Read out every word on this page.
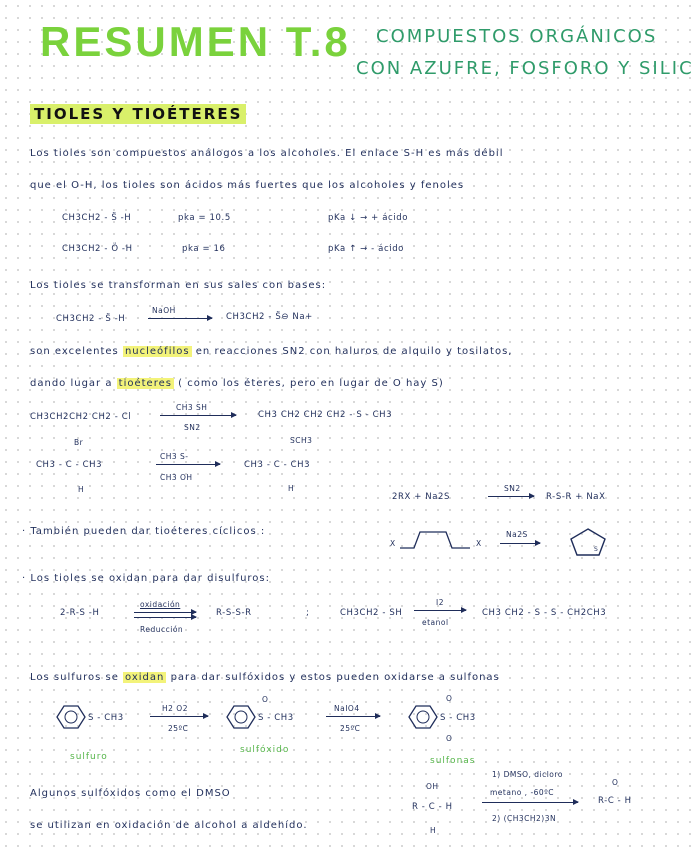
RESUMEN T.8 COMPUESTOS ORGÁNICOS
CON AZUFRE, FOSFORO Y SILIC
TIOLES Y TIOÉTERES
Los tioles son compuestos análogos a los alcoholes. El enlace S-H es más débil
que el O-H, los tioles son ácidos más fuertes que los alcoholes y fenoles
CH3CH2 - S̈ -H	pka = 10.5	pKa ↓ → + ácido
CH3CH2 - Ö -H	pka = 16	pKa ↑ → - ácido
Los tioles se transforman en sus sales con bases:
CH3CH2 - S̈ -H
NaOH
CH3CH2 - S̈⊖ Na+
son excelentes nucleófilos en reacciones SN2 con haluros de alquilo y tosilatos,
dando lugar a tioéteres ( como los éteres, pero en lugar de O hay S)
CH3CH2CH2 CH2 - Cl
CH3 SH
SN2
CH3 CH2 CH2 CH2 - S - CH3
Br
CH3 - C - CH3
H
CH3 S-
CH3 OH
SCH3
CH3 - C - CH3
H
2RX + Na2S
SN2
R-S-R + NaX
· También pueden dar tioéteres cíclicos :
X	X
Na2S
S
· Los tioles se oxidan para dar disulfuros:
2-R-S -H
oxidación
Reducción
R-S-S-R	;	CH3CH2 - SH
I2
etanol
CH3 CH2 - S - S - CH2CH3
Los sulfuros se oxidan para dar sulfóxidos y estos pueden oxidarse a sulfonas
S - CH3
H2 O2
25ºC
O
S - CH3
NaIO4
25ºC
O
S - CH3
O
sulfuro
sulfóxido
sulfonas
Algunos sulfóxidos como el DMSO
se utilizan en oxidación de alcohol a aldehído.
OH
R - C - H
H
1) DMSO, dicloro
metano , -60ºC
2) (CH3CH2)3N
O
R-C - H
